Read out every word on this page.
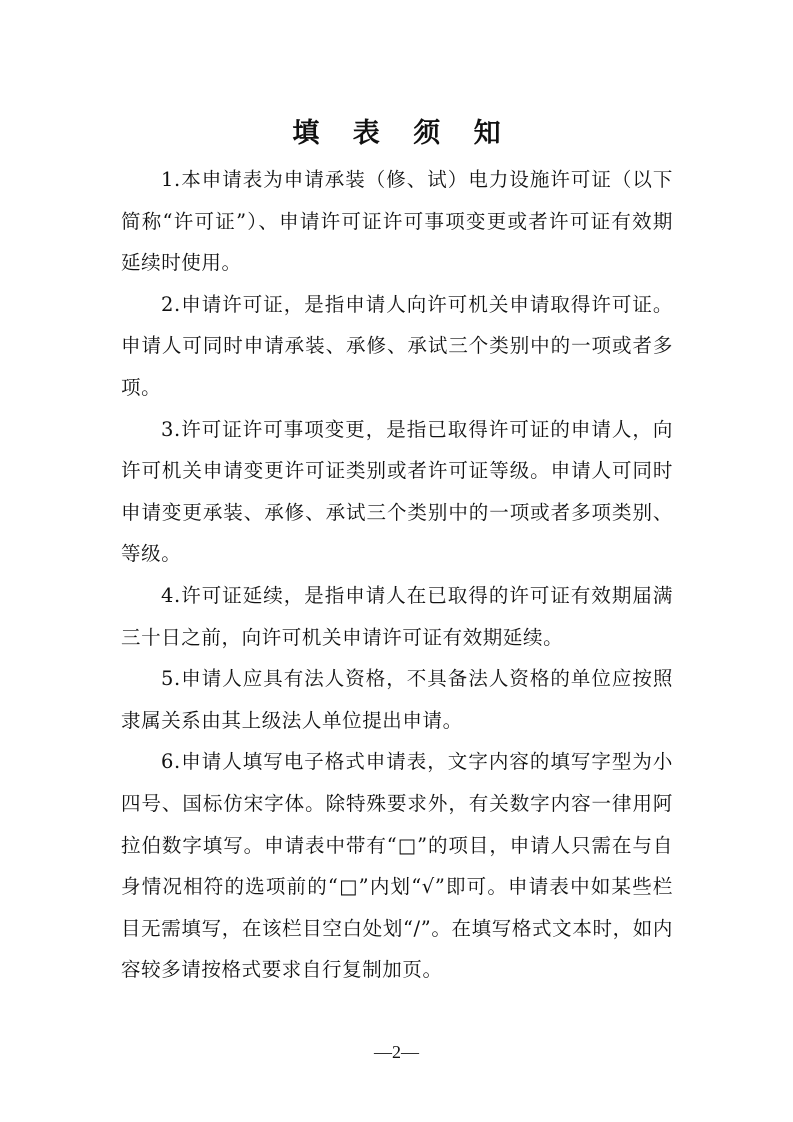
填 表 须 知

1.本申请表为申请承装（修、试）电力设施许可证（以下简称“许可证”）、申请许可证许可事项变更或者许可证有效期延续时使用。

2.申请许可证，是指申请人向许可机关申请取得许可证。申请人可同时申请承装、承修、承试三个类别中的一项或者多项。

3.许可证许可事项变更，是指已取得许可证的申请人，向许可机关申请变更许可证类别或者许可证等级。申请人可同时申请变更承装、承修、承试三个类别中的一项或者多项类别、等级。

4.许可证延续，是指申请人在已取得的许可证有效期届满三十日之前，向许可机关申请许可证有效期延续。

5.申请人应具有法人资格，不具备法人资格的单位应按照隶属关系由其上级法人单位提出申请。

6.申请人填写电子格式申请表，文字内容的填写字型为小四号、国标仿宋字体。除特殊要求外，有关数字内容一律用阿拉伯数字填写。申请表中带有“□”的项目，申请人只需在与自身情况相符的选项前的“□”内划“√”即可。申请表中如某些栏目无需填写，在该栏目空白处划“/”。在填写格式文本时，如内容较多请按格式要求自行复制加页。

—2—
